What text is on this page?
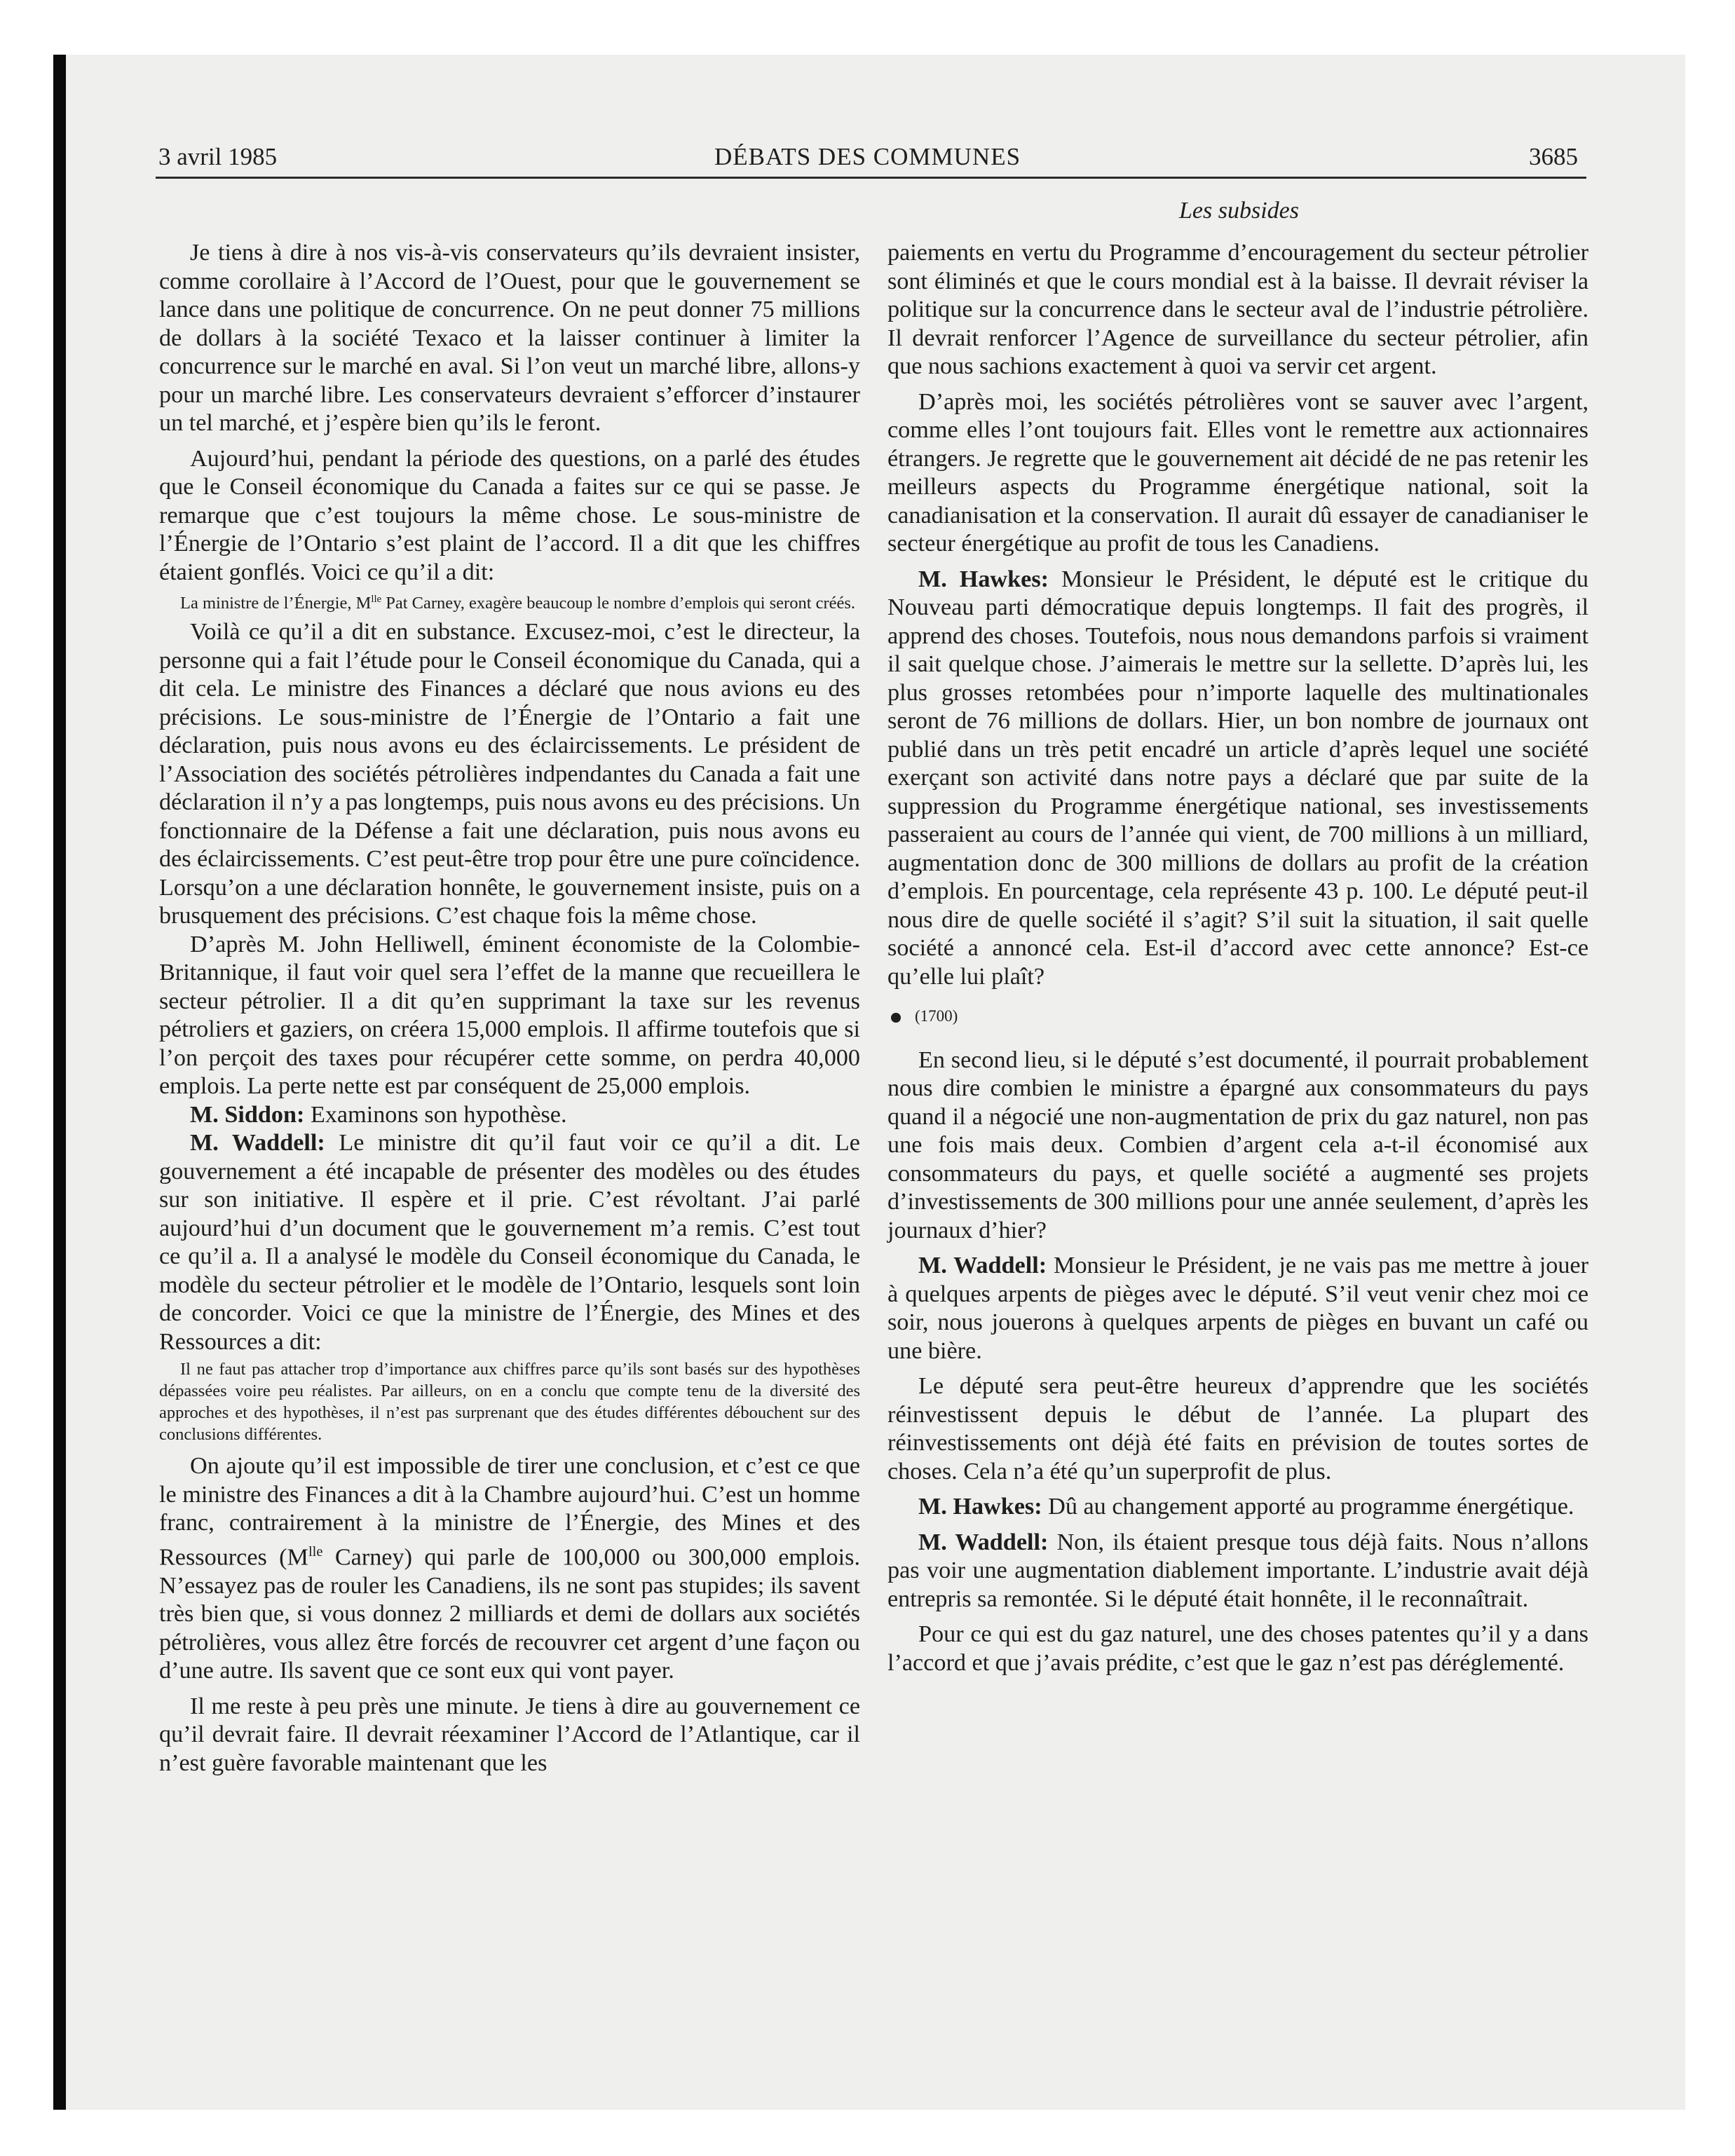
3 avril 1985	DÉBATS DES COMMUNES	3685
Les subsides

Je tiens à dire à nos vis-à-vis conservateurs qu’ils devraient insister, comme corollaire à l’Accord de l’Ouest, pour que le gouvernement se lance dans une politique de concurrence. On ne peut donner 75 millions de dollars à la société Texaco et la laisser continuer à limiter la concurrence sur le marché en aval. Si l’on veut un marché libre, allons-y pour un marché libre. Les conservateurs devraient s’efforcer d’instaurer un tel marché, et j’espère bien qu’ils le feront.

Aujourd’hui, pendant la période des questions, on a parlé des études que le Conseil économique du Canada a faites sur ce qui se passe. Je remarque que c’est toujours la même chose. Le sous-ministre de l’Énergie de l’Ontario s’est plaint de l’accord. Il a dit que les chiffres étaient gonflés. Voici ce qu’il a dit:

La ministre de l’Énergie, $M^{lle}$ Pat Carney, exagère beaucoup le nombre d’emplois qui seront créés.

Voilà ce qu’il a dit en substance. Excusez-moi, c’est le directeur, la personne qui a fait l’étude pour le Conseil économique du Canada, qui a dit cela. Le ministre des Finances a déclaré que nous avions eu des précisions. Le sous-ministre de l’Énergie de l’Ontario a fait une déclaration, puis nous avons eu des éclaircissements. Le président de l’Association des sociétés pétrolières indpendantes du Canada a fait une déclaration il n’y a pas longtemps, puis nous avons eu des précisions. Un fonctionnaire de la Défense a fait une déclaration, puis nous avons eu des éclaircissements. C’est peut-être trop pour être une pure coïncidence. Lorsqu’on a une déclaration honnête, le gouvernement insiste, puis on a brusquement des précisions. C’est chaque fois la même chose.

D’après M. John Helliwell, éminent économiste de la Colombie-Britannique, il faut voir quel sera l’effet de la manne que recueillera le secteur pétrolier. Il a dit qu’en supprimant la taxe sur les revenus pétroliers et gaziers, on créera 15,000 emplois. Il affirme toutefois que si l’on perçoit des taxes pour récupérer cette somme, on perdra 40,000 emplois. La perte nette est par conséquent de 25,000 emplois.

M. Siddon: Examinons son hypothèse.

M. Waddell: Le ministre dit qu’il faut voir ce qu’il a dit. Le gouvernement a été incapable de présenter des modèles ou des études sur son initiative. Il espère et il prie. C’est révoltant. J’ai parlé aujourd’hui d’un document que le gouvernement m’a remis. C’est tout ce qu’il a. Il a analysé le modèle du Conseil économique du Canada, le modèle du secteur pétrolier et le modèle de l’Ontario, lesquels sont loin de concorder. Voici ce que la ministre de l’Énergie, des Mines et des Ressources a dit:

Il ne faut pas attacher trop d’importance aux chiffres parce qu’ils sont basés sur des hypothèses dépassées voire peu réalistes. Par ailleurs, on en a conclu que compte tenu de la diversité des approches et des hypothèses, il n’est pas surprenant que des études différentes débouchent sur des conclusions différentes.

On ajoute qu’il est impossible de tirer une conclusion, et c’est ce que le ministre des Finances a dit à la Chambre aujourd’hui. C’est un homme franc, contrairement à la ministre de l’Énergie, des Mines et des Ressources ($M^{lle}$ Carney) qui parle de 100,000 ou 300,000 emplois. N’essayez pas de rouler les Canadiens, ils ne sont pas stupides; ils savent très bien que, si vous donnez 2 milliards et demi de dollars aux sociétés pétrolières, vous allez être forcés de recouvrer cet argent d’une façon ou d’une autre. Ils savent que ce sont eux qui vont payer.

Il me reste à peu près une minute. Je tiens à dire au gouvernement ce qu’il devrait faire. Il devrait réexaminer l’Accord de l’Atlantique, car il n’est guère favorable maintenant que les

paiements en vertu du Programme d’encouragement du secteur pétrolier sont éliminés et que le cours mondial est à la baisse. Il devrait réviser la politique sur la concurrence dans le secteur aval de l’industrie pétrolière. Il devrait renforcer l’Agence de surveillance du secteur pétrolier, afin que nous sachions exactement à quoi va servir cet argent.

D’après moi, les sociétés pétrolières vont se sauver avec l’argent, comme elles l’ont toujours fait. Elles vont le remettre aux actionnaires étrangers. Je regrette que le gouvernement ait décidé de ne pas retenir les meilleurs aspects du Programme énergétique national, soit la canadianisation et la conservation. Il aurait dû essayer de canadianiser le secteur énergétique au profit de tous les Canadiens.

M. Hawkes: Monsieur le Président, le député est le critique du Nouveau parti démocratique depuis longtemps. Il fait des progrès, il apprend des choses. Toutefois, nous nous demandons parfois si vraiment il sait quelque chose. J’aimerais le mettre sur la sellette. D’après lui, les plus grosses retombées pour n’importe laquelle des multinationales seront de 76 millions de dollars. Hier, un bon nombre de journaux ont publié dans un très petit encadré un article d’après lequel une société exerçant son activité dans notre pays a déclaré que par suite de la suppression du Programme énergétique national, ses investissements passeraient au cours de l’année qui vient, de 700 millions à un milliard, augmentation donc de 300 millions de dollars au profit de la création d’emplois. En pourcentage, cela représente 43 p. 100. Le député peut-il nous dire de quelle société il s’agit? S’il suit la situation, il sait quelle société a annoncé cela. Est-il d’accord avec cette annonce? Est-ce qu’elle lui plaît?

(1700)

En second lieu, si le député s’est documenté, il pourrait probablement nous dire combien le ministre a épargné aux consommateurs du pays quand il a négocié une non-augmentation de prix du gaz naturel, non pas une fois mais deux. Combien d’argent cela a-t-il économisé aux consommateurs du pays, et quelle société a augmenté ses projets d’investissements de 300 millions pour une année seulement, d’après les journaux d’hier?

M. Waddell: Monsieur le Président, je ne vais pas me mettre à jouer à quelques arpents de pièges avec le député. S’il veut venir chez moi ce soir, nous jouerons à quelques arpents de pièges en buvant un café ou une bière.

Le député sera peut-être heureux d’apprendre que les sociétés réinvestissent depuis le début de l’année. La plupart des réinvestissements ont déjà été faits en prévision de toutes sortes de choses. Cela n’a été qu’un superprofit de plus.

M. Hawkes: Dû au changement apporté au programme énergétique.

M. Waddell: Non, ils étaient presque tous déjà faits. Nous n’allons pas voir une augmentation diablement importante. L’industrie avait déjà entrepris sa remontée. Si le député était honnête, il le reconnaîtrait.

Pour ce qui est du gaz naturel, une des choses patentes qu’il y a dans l’accord et que j’avais prédite, c’est que le gaz n’est pas déréglementé.
